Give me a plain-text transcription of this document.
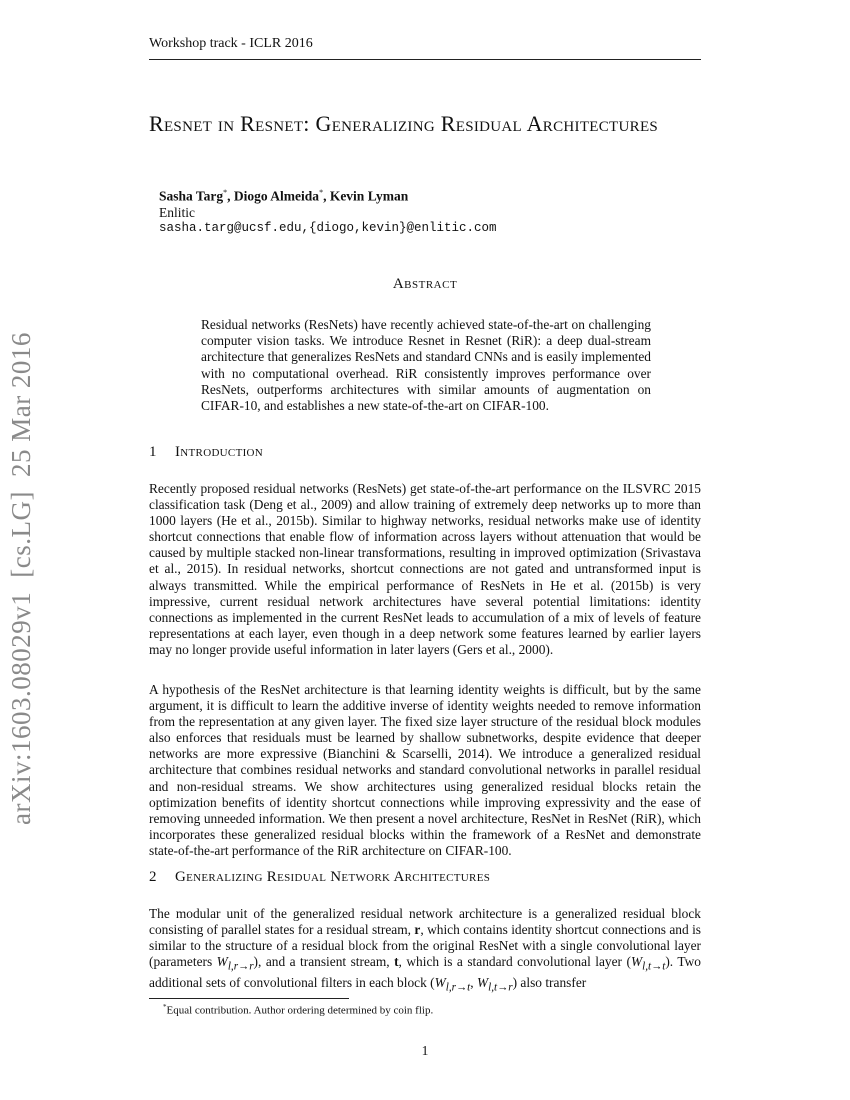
Workshop track - ICLR 2016
arXiv:1603.08029v1[cs.LG]25 Mar 2016
Resnet in Resnet: Generalizing Residual Architectures
Sasha Targ*, Diogo Almeida*, Kevin Lyman
Enlitic
sasha.targ@ucsf.edu,{diogo,kevin}@enlitic.com
Abstract
Residual networks (ResNets) have recently achieved state-of-the-art on challenging computer vision tasks. We introduce Resnet in Resnet (RiR): a deep dual-stream architecture that generalizes ResNets and standard CNNs and is easily implemented with no computational overhead. RiR consistently improves performance over ResNets, outperforms architectures with similar amounts of augmentation on CIFAR-10, and establishes a new state-of-the-art on CIFAR-100.
1 Introduction

Recently proposed residual networks (ResNets) get state-of-the-art performance on the ILSVRC 2015 classification task (Deng et al., 2009) and allow training of extremely deep networks up to more than 1000 layers (He et al., 2015b). Similar to highway networks, residual networks make use of identity shortcut connections that enable flow of information across layers without attenuation that would be caused by multiple stacked non-linear transformations, resulting in improved optimization (Srivastava et al., 2015). In residual networks, shortcut connections are not gated and untransformed input is always transmitted. While the empirical performance of ResNets in He et al. (2015b) is very impressive, current residual network architectures have several potential limitations: identity connections as implemented in the current ResNet leads to accumulation of a mix of levels of feature representations at each layer, even though in a deep network some features learned by earlier layers may no longer provide useful information in later layers (Gers et al., 2000).

A hypothesis of the ResNet architecture is that learning identity weights is difficult, but by the same argument, it is difficult to learn the additive inverse of identity weights needed to remove information from the representation at any given layer. The fixed size layer structure of the residual block modules also enforces that residuals must be learned by shallow subnetworks, despite evidence that deeper networks are more expressive (Bianchini & Scarselli, 2014). We introduce a generalized residual architecture that combines residual networks and standard convolutional networks in parallel residual and non-residual streams. We show architectures using generalized residual blocks retain the optimization benefits of identity shortcut connections while improving expressivity and the ease of removing unneeded information. We then present a novel architecture, ResNet in ResNet (RiR), which incorporates these generalized residual blocks within the framework of a ResNet and demonstrate state-of-the-art performance of the RiR architecture on CIFAR-100.

2 Generalizing Residual Network Architectures

The modular unit of the generalized residual network architecture is a generalized residual block consisting of parallel states for a residual stream, r, which contains identity shortcut connections and is similar to the structure of a residual block from the original ResNet with a single convolutional layer (parameters $W_{l,r\to r}$), and a transient stream, t, which is a standard convolutional layer $(W_{l,t\to t})$. Two additional sets of convolutional filters in each block ($W_{l,r\to t}$, $W_{l,t\to r}$) also transfer

*Equal contribution. Author ordering determined by coin flip.
1
